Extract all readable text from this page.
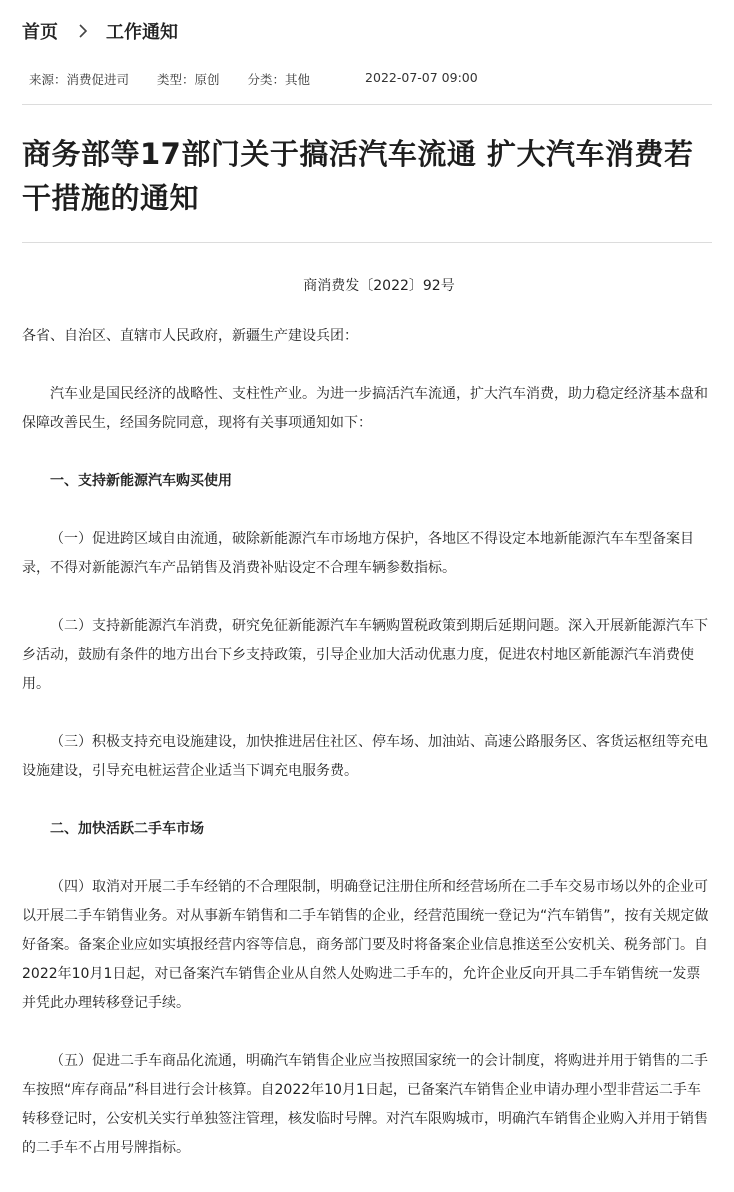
首页	工作通知
来源：消费促进司 类型：原创 分类：其他	2022-07-07 09:00
商务部等17部门关于搞活汽车流通 扩大汽车消费若干措施的通知
商消费发〔2022〕92号

各省、自治区、直辖市人民政府，新疆生产建设兵团：

汽车业是国民经济的战略性、支柱性产业。为进一步搞活汽车流通，扩大汽车消费，助力稳定经济基本盘和保障改善民生，经国务院同意，现将有关事项通知如下：

一、支持新能源汽车购买使用

（一）促进跨区域自由流通，破除新能源汽车市场地方保护，各地区不得设定本地新能源汽车车型备案目录，不得对新能源汽车产品销售及消费补贴设定不合理车辆参数指标。

（二）支持新能源汽车消费，研究免征新能源汽车车辆购置税政策到期后延期问题。深入开展新能源汽车下乡活动，鼓励有条件的地方出台下乡支持政策，引导企业加大活动优惠力度，促进农村地区新能源汽车消费使用。

（三）积极支持充电设施建设，加快推进居住社区、停车场、加油站、高速公路服务区、客货运枢纽等充电设施建设，引导充电桩运营企业适当下调充电服务费。

二、加快活跃二手车市场

（四）取消对开展二手车经销的不合理限制，明确登记注册住所和经营场所在二手车交易市场以外的企业可以开展二手车销售业务。对从事新车销售和二手车销售的企业，经营范围统一登记为“汽车销售”，按有关规定做好备案。备案企业应如实填报经营内容等信息，商务部门要及时将备案企业信息推送至公安机关、税务部门。自2022年10月1日起，对已备案汽车销售企业从自然人处购进二手车的，允许企业反向开具二手车销售统一发票并凭此办理转移登记手续。

（五）促进二手车商品化流通，明确汽车销售企业应当按照国家统一的会计制度，将购进并用于销售的二手车按照“库存商品”科目进行会计核算。自2022年10月1日起，已备案汽车销售企业申请办理小型非营运二手车转移登记时，公安机关实行单独签注管理，核发临时号牌。对汽车限购城市，明确汽车销售企业购入并用于销售的二手车不占用号牌指标。
